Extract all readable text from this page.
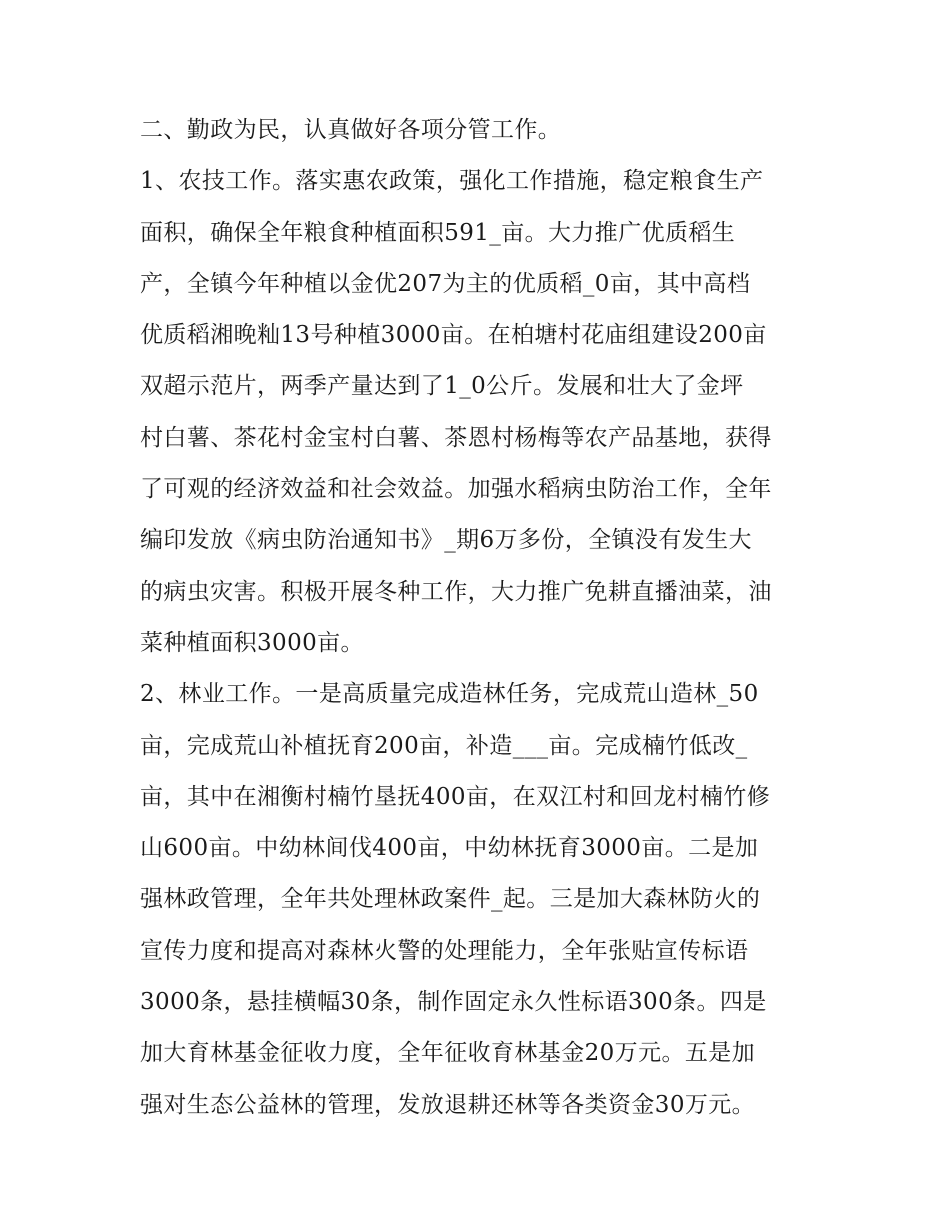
二、勤政为民，认真做好各项分管工作。
1、农技工作。落实惠农政策，强化工作措施，稳定粮食生产
面积，确保全年粮食种植面积591_亩。大力推广优质稻生
产，全镇今年种植以金优207为主的优质稻_0亩，其中高档
优质稻湘晚籼13号种植3000亩。在柏塘村花庙组建设200亩
双超示范片，两季产量达到了1_0公斤。发展和壮大了金坪
村白薯、茶花村金宝村白薯、茶恩村杨梅等农产品基地，获得
了可观的经济效益和社会效益。加强水稻病虫防治工作，全年
编印发放《病虫防治通知书》_期6万多份，全镇没有发生大
的病虫灾害。积极开展冬种工作，大力推广免耕直播油菜，油
菜种植面积3000亩。
2、林业工作。一是高质量完成造林任务，完成荒山造林_50
亩，完成荒山补植抚育200亩，补造___亩。完成楠竹低改_
亩，其中在湘衡村楠竹垦抚400亩，在双江村和回龙村楠竹修
山600亩。中幼林间伐400亩，中幼林抚育3000亩。二是加
强林政管理，全年共处理林政案件_起。三是加大森林防火的
宣传力度和提高对森林火警的处理能力，全年张贴宣传标语
3000条，悬挂横幅30条，制作固定永久性标语300条。四是
加大育林基金征收力度，全年征收育林基金20万元。五是加
强对生态公益林的管理，发放退耕还林等各类资金30万元。
